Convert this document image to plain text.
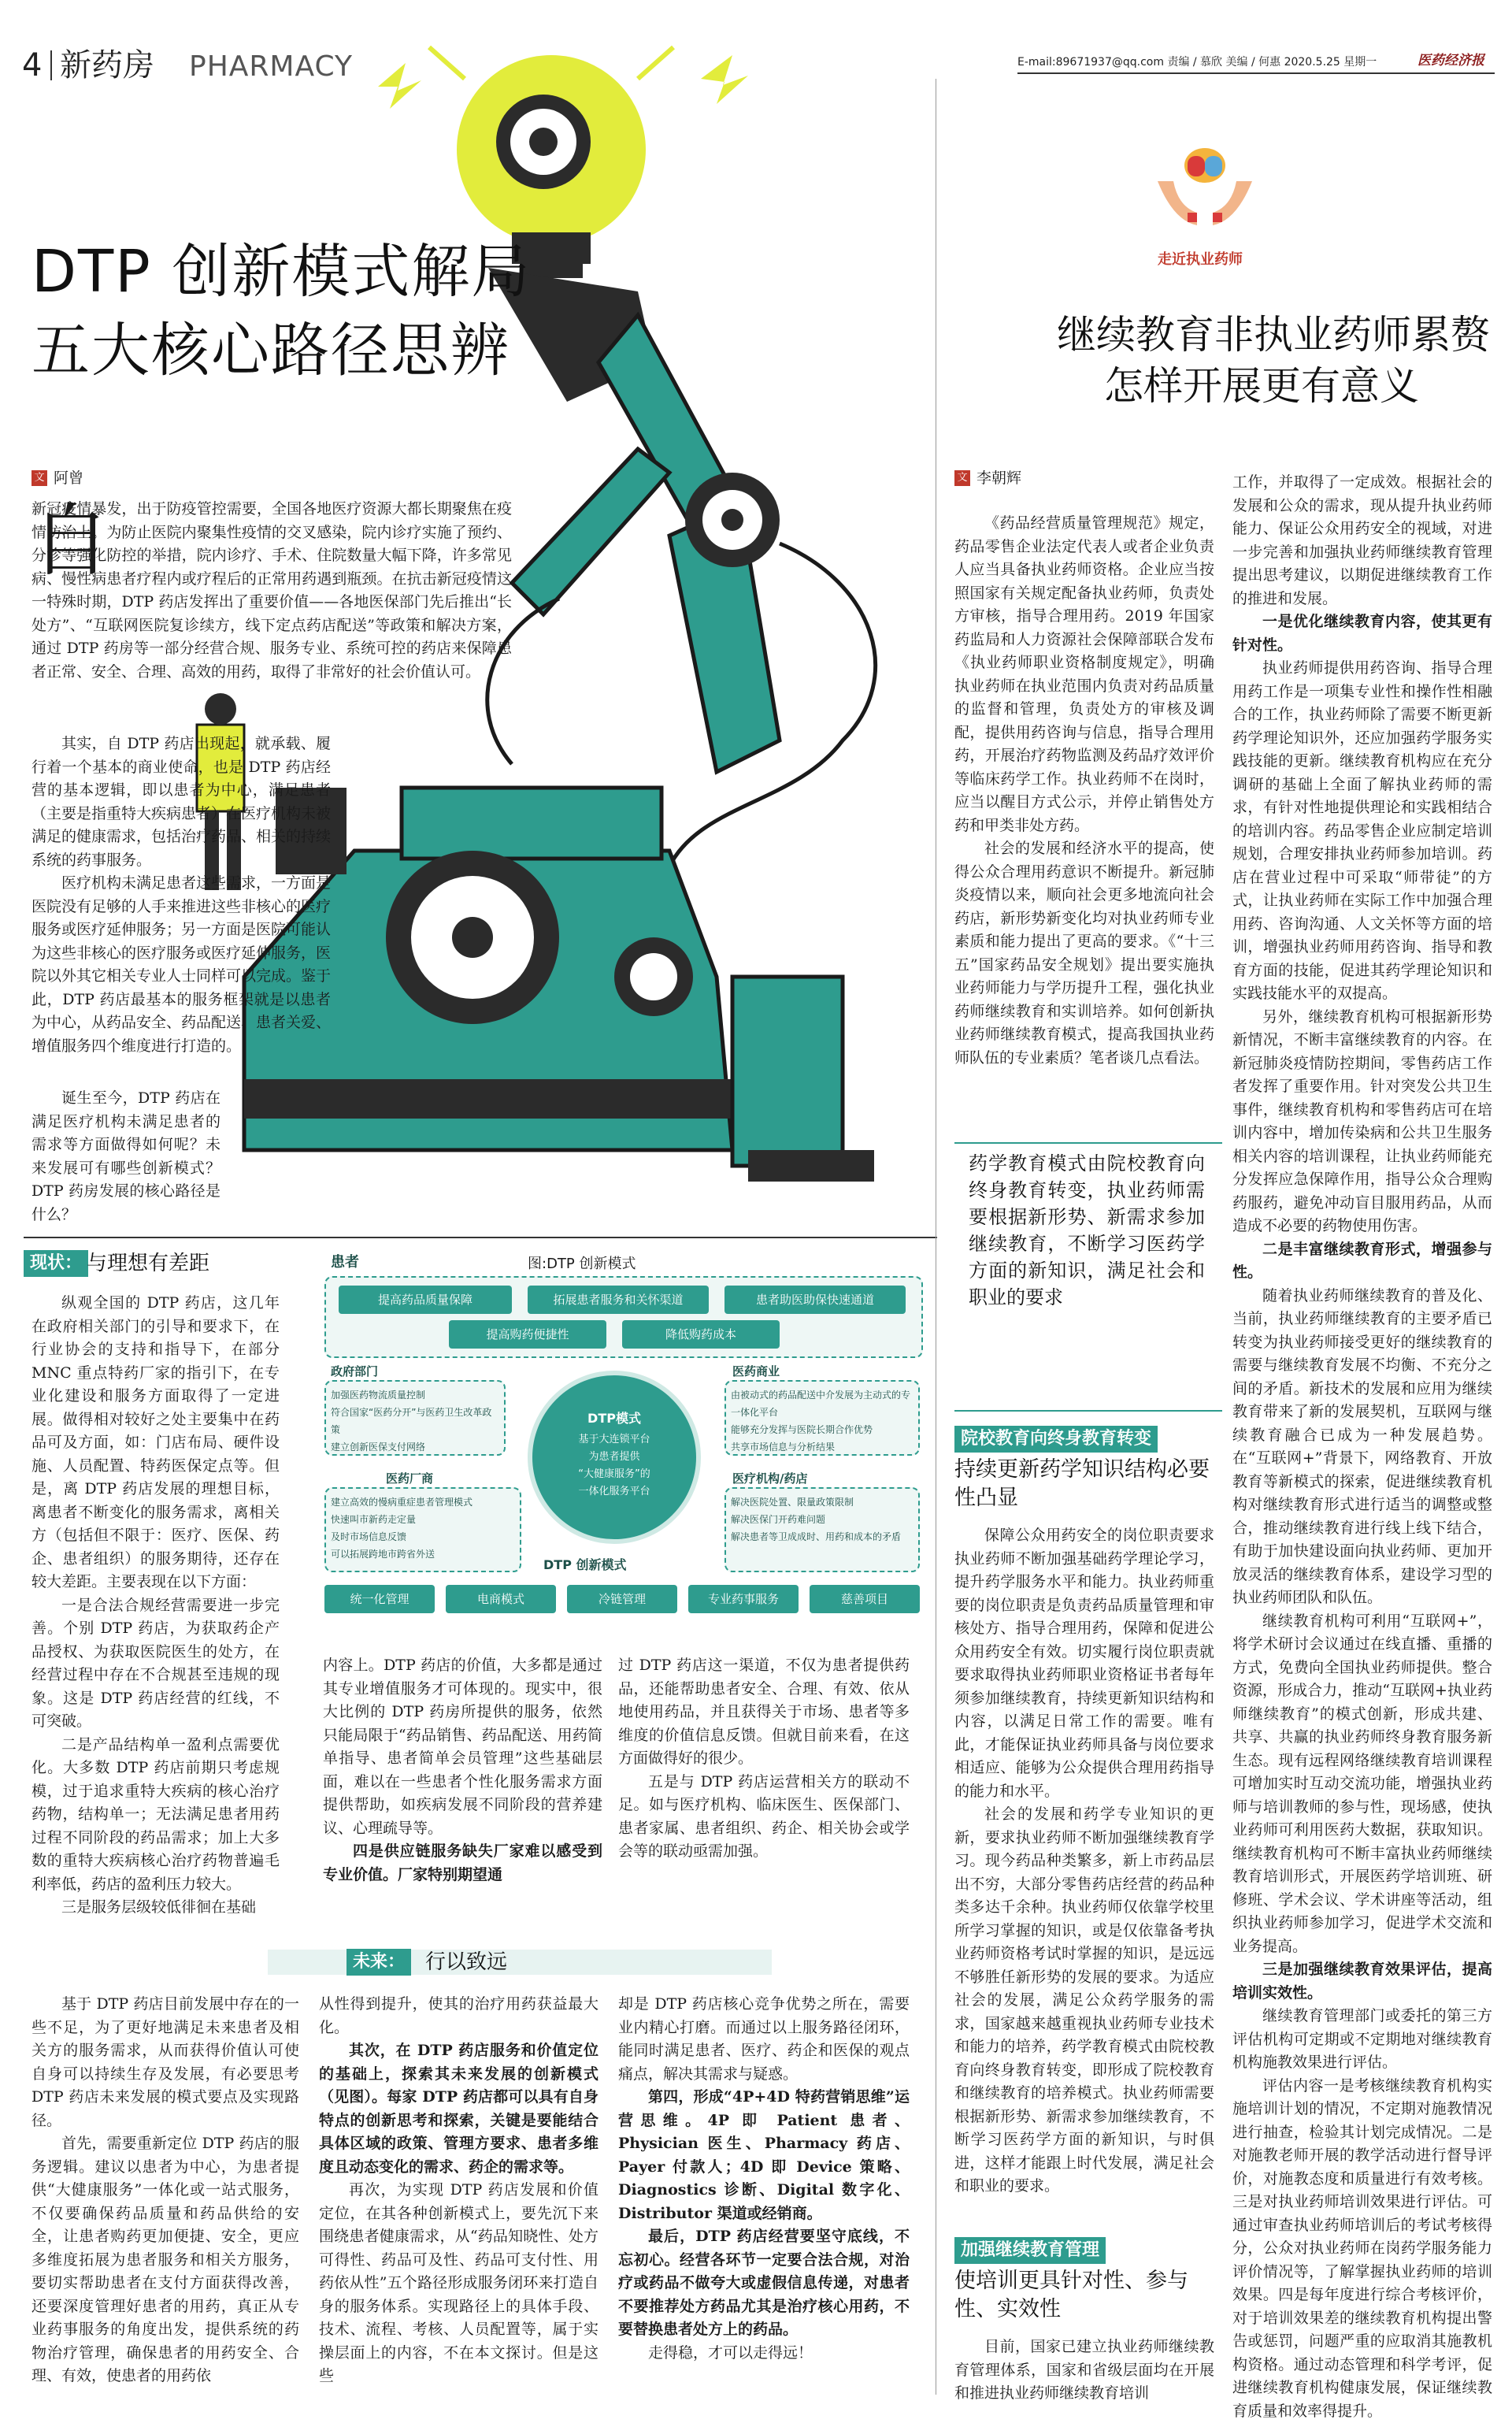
4 新药房 PHARMACY	E-mail:89671937@qq.com 责编 / 慕欣 美编 / 何惠 2020.5.25 星期一	医药经济报
DTP 创新模式解局
五大核心路径思辨
文 阿曾
自

新冠疫情暴发，出于防疫管控需要，全国各地医疗资源大都长期聚焦在疫情防治上。为防止医院内聚集性疫情的交叉感染，院内诊疗实施了预约、分诊等强化防控的举措，院内诊疗、手术、住院数量大幅下降，许多常见病、慢性病患者疗程内或疗程后的正常用药遇到瓶颈。在抗击新冠疫情这一特殊时期，DTP 药店发挥出了重要价值——各地医保部门先后推出“长处方”、“互联网医院复诊续方，线下定点药店配送”等政策和解决方案，通过 DTP 药房等一部分经营合规、服务专业、系统可控的药店来保障患者正常、安全、合理、高效的用药，取得了非常好的社会价值认可。

其实，自 DTP 药店出现起，就承载、履行着一个基本的商业使命，也是 DTP 药店经营的基本逻辑，即以患者为中心，满足患者（主要是指重特大疾病患者）在医疗机构未被满足的健康需求，包括治疗药品、相关的持续系统的药事服务。

医疗机构未满足患者这些需求，一方面是医院没有足够的人手来推进这些非核心的医疗服务或医疗延伸服务；另一方面是医院可能认为这些非核心的医疗服务或医疗延伸服务，医院以外其它相关专业人士同样可以完成。鉴于此，DTP 药店最基本的服务框架就是以患者为中心，从药品安全、药品配送、患者关爱、增值服务四个维度进行打造的。

诞生至今，DTP 药店在满足医疗机构未满足患者的需求等方面做得如何呢？未来发展可有哪些创新模式？DTP 药房发展的核心路径是什么？

现状： 与理想有差距

纵观全国的 DTP 药店，这几年在政府相关部门的引导和要求下，在行业协会的支持和指导下，在部分 MNC 重点特药厂家的指引下，在专业化建设和服务方面取得了一定进展。做得相对较好之处主要集中在药品可及方面，如：门店布局、硬件设施、人员配置、特药医保定点等。但是，离 DTP 药店发展的理想目标，离患者不断变化的服务需求，离相关方（包括但不限于：医疗、医保、药企、患者组织）的服务期待，还存在较大差距。主要表现在以下方面：

一是合法合规经营需要进一步完善。个别 DTP 药店，为获取药企产品授权、为获取医院医生的处方，在经营过程中存在不合规甚至违规的现象。这是 DTP 药店经营的红线，不可突破。

二是产品结构单一盈利点需要优化。大多数 DTP 药店前期只考虑规模，过于追求重特大疾病的核心治疗药物，结构单一；无法满足患者用药过程不同阶段的药品需求；加上大多数的重特大疾病核心治疗药物普遍毛利率低，药店的盈利压力较大。

三是服务层级较低徘徊在基础

图:DTP 创新模式
患者
提高药品质量保障	拓展患者服务和关怀渠道	患者助医助保快速通道
提高购药便捷性	降低购药成本
政府部门
加强医药物流质量控制
符合国家“医药分开”与医药卫生改革政策
建立创新医保支付网络
医药商业
由被动式的药品配送中介发展为主动式的专一体化平台
能够充分发挥与医院长期合作优势
共享市场信息与分析结果
DTP模式
基于大连锁平台
为患者提供
“大健康服务”的
一体化服务平台
医药厂商
建立高效的慢病重症患者管理模式
快速叫市新药走定量
及时市场信息反馈
可以拓展跨地市跨省外送
医疗机构/药店
解决医院处置、限量政策限制
解决医保门开药难问题
解决患者等卫成成时、用药和成本的矛盾
DTP 创新模式
统一化管理	电商模式	冷链管理	专业药事服务	慈善项目

内容上。DTP 药店的价值，大多都是通过其专业增值服务才可体现的。现实中，很大比例的 DTP 药房所提供的服务，依然只能局限于“药品销售、药品配送、用药简单指导、患者简单会员管理”这些基础层面，难以在一些患者个性化服务需求方面提供帮助，如疾病发展不同阶段的营养建议、心理疏导等。

四是供应链服务缺失厂家难以感受到专业价值。厂家特别期望通

过 DTP 药店这一渠道，不仅为患者提供药品，还能帮助患者安全、合理、有效、依从地使用药品，并且获得关于市场、患者等多维度的价值信息反馈。但就目前来看，在这方面做得好的很少。

五是与 DTP 药店运营相关方的联动不足。如与医疗机构、临床医生、医保部门、患者家属、患者组织、药企、相关协会或学会等的联动亟需加强。

未来： 行以致远

基于 DTP 药店目前发展中存在的一些不足，为了更好地满足未来患者及相关方的服务需求，从而获得价值认可使自身可以持续生存及发展，有必要思考 DTP 药店未来发展的模式要点及实现路径。

首先，需要重新定位 DTP 药店的服务逻辑。建议以患者为中心，为患者提供“大健康服务”一体化或一站式服务，不仅要确保药品质量和药品供给的安全，让患者购药更加便捷、安全，更应多维度拓展为患者服务和相关方服务，要切实帮助患者在支付方面获得改善，还要深度管理好患者的用药，真正从专业药事服务的角度出发，提供系统的药物治疗管理，确保患者的用药安全、合理、有效，使患者的用药依

从性得到提升，使其的治疗用药获益最大化。

其次，在 DTP 药店服务和价值定位的基础上，探索其未来发展的创新模式（见图）。每家 DTP 药店都可以具有自身特点的创新思考和探索，关键是要能结合具体区域的政策、管理方要求、患者多维度且动态变化的需求、药企的需求等。

再次，为实现 DTP 药店发展和价值定位，在其各种创新模式上，要先沉下来围绕患者健康需求，从“药品知晓性、处方可得性、药品可及性、药品可支付性、用药依从性”五个路径形成服务闭环来打造自身的服务体系。实现路径上的具体手段、技术、流程、考核、人员配置等，属于实操层面上的内容，不在本文探讨。但是这些

却是 DTP 药店核心竞争优势之所在，需要业内精心打磨。而通过以上服务路径闭环，能同时满足患者、医疗、药企和医保的观点痛点，解决其需求与疑惑。

第四，形成“4P+4D 特药营销思维”运营思维。4P 即 Patient 患者、Physician 医生、Pharmacy 药店、Payer 付款人；4D 即 Device 策略、Diagnostics 诊断、Digital 数字化、Distributor 渠道或经销商。

最后，DTP 药店经营要坚守底线，不忘初心。经营各环节一定要合法合规，对治疗或药品不做夸大或虚假信息传递，对患者不要推荐处方药品尤其是治疗核心用药，不要替换患者处方上的药品。

走得稳，才可以走得远！

走近执业药师
继续教育非执业药师累赘
怎样开展更有意义
文 李朝辉

《药品经营质量管理规范》规定，药品零售企业法定代表人或者企业负责人应当具备执业药师资格。企业应当按照国家有关规定配备执业药师，负责处方审核，指导合理用药。2019 年国家药监局和人力资源社会保障部联合发布《执业药师职业资格制度规定》，明确执业药师在执业范围内负责对药品质量的监督和管理，负责处方的审核及调配，提供用药咨询与信息，指导合理用药，开展治疗药物监测及药品疗效评价等临床药学工作。执业药师不在岗时，应当以醒目方式公示，并停止销售处方药和甲类非处方药。

社会的发展和经济水平的提高，使得公众合理用药意识不断提升。新冠肺炎疫情以来，顺向社会更多地流向社会药店，新形势新变化均对执业药师专业素质和能力提出了更高的要求。《“十三五”国家药品安全规划》提出要实施执业药师能力与学历提升工程，强化执业药师继续教育和实训培养。如何创新执业药师继续教育模式，提高我国执业药师队伍的专业素质？笔者谈几点看法。

药学教育模式由院校教育向终身教育转变，执业药师需要根据新形势、新需求参加继续教育，不断学习医药学方面的新知识，满足社会和职业的要求
院校教育向终身教育转变
持续更新药学知识结构必要性凸显

保障公众用药安全的岗位职责要求执业药师不断加强基础药学理论学习，提升药学服务水平和能力。执业药师重要的岗位职责是负责药品质量管理和审核处方、指导合理用药，保障和促进公众用药安全有效。切实履行岗位职责就要求取得执业药师职业资格证书者每年须参加继续教育，持续更新知识结构和内容，以满足日常工作的需要。唯有此，才能保证执业药师具备与岗位要求相适应、能够为公众提供合理用药指导的能力和水平。

社会的发展和药学专业知识的更新，要求执业药师不断加强继续教育学习。现今药品种类繁多，新上市药品层出不穷，大部分零售药店经营的药品种类多达千余种。执业药师仅依靠学校里所学习掌握的知识，或是仅依靠备考执业药师资格考试时掌握的知识，是远远不够胜任新形势的发展的要求。为适应社会的发展，满足公众药学服务的需求，国家越来越重视执业药师专业技术和能力的培养，药学教育模式由院校教育向终身教育转变，即形成了院校教育和继续教育的培养模式。执业药师需要根据新形势、新需求参加继续教育，不断学习医药学方面的新知识，与时俱进，这样才能跟上时代发展，满足社会和职业的要求。

加强继续教育管理
使培训更具针对性、参与性、实效性

目前，国家已建立执业药师继续教育管理体系，国家和省级层面均在开展和推进执业药师继续教育培训

工作，并取得了一定成效。根据社会的发展和公众的需求，现从提升执业药师能力、保证公众用药安全的视域，对进一步完善和加强执业药师继续教育管理提出思考建议，以期促进继续教育工作的推进和发展。

一是优化继续教育内容，使其更有针对性。

执业药师提供用药咨询、指导合理用药工作是一项集专业性和操作性相融合的工作，执业药师除了需要不断更新药学理论知识外，还应加强药学服务实践技能的更新。继续教育机构应在充分调研的基础上全面了解执业药师的需求，有针对性地提供理论和实践相结合的培训内容。药品零售企业应制定培训规划，合理安排执业药师参加培训。药店在营业过程中可采取“师带徒”的方式，让执业药师在实际工作中加强合理用药、咨询沟通、人文关怀等方面的培训，增强执业药师用药咨询、指导和教育方面的技能，促进其药学理论知识和实践技能水平的双提高。

另外，继续教育机构可根据新形势新情况，不断丰富继续教育的内容。在新冠肺炎疫情防控期间，零售药店工作者发挥了重要作用。针对突发公共卫生事件，继续教育机构和零售药店可在培训内容中，增加传染病和公共卫生服务相关内容的培训课程，让执业药师能充分发挥应急保障作用，指导公众合理购药服药，避免冲动盲目服用药品，从而造成不必要的药物使用伤害。

二是丰富继续教育形式，增强参与性。

随着执业药师继续教育的普及化、当前，执业药师继续教育的主要矛盾已转变为执业药师接受更好的继续教育的需要与继续教育发展不均衡、不充分之间的矛盾。新技术的发展和应用为继续教育带来了新的发展契机，互联网与继续教育融合已成为一种发展趋势。在“互联网+”背景下，网络教育、开放教育等新模式的探索，促进继续教育机构对继续教育形式进行适当的调整或整合，推动继续教育进行线上线下结合，有助于加快建设面向执业药师、更加开放灵活的继续教育体系，建设学习型的执业药师团队和队伍。

继续教育机构可利用“互联网+”，将学术研讨会议通过在线直播、重播的方式，免费向全国执业药师提供。整合资源，形成合力，推动“互联网+执业药师继续教育”的模式创新，形成共建、共享、共赢的执业药师终身教育服务新生态。现有远程网络继续教育培训课程可增加实时互动交流功能，增强执业药师与培训教师的参与性，现场感，使执业药师可利用医药大数据，获取知识。继续教育机构可不断丰富执业药师继续教育培训形式，开展医药学培训班、研修班、学术会议、学术讲座等活动，组织执业药师参加学习，促进学术交流和业务提高。

三是加强继续教育效果评估，提高培训实效性。

继续教育管理部门或委托的第三方评估机构可定期或不定期地对继续教育机构施教效果进行评估。

评估内容一是考核继续教育机构实施培训计划的情况，不定期对施教情况进行抽查，检验其计划完成情况。二是对施教老师开展的教学活动进行督导评价，对施教态度和质量进行有效考核。三是对执业药师培训效果进行评估。可通过审查执业药师培训后的考试考核得分，公众对执业药师在岗药学服务能力评价情况等，了解掌握执业药师的培训效果。四是每年度进行综合考核评价，对于培训效果差的继续教育机构提出警告或惩罚，问题严重的应取消其施教机构资格。通过动态管理和科学考评，促进继续教育机构健康发展，保证继续教育质量和效率得提升。
